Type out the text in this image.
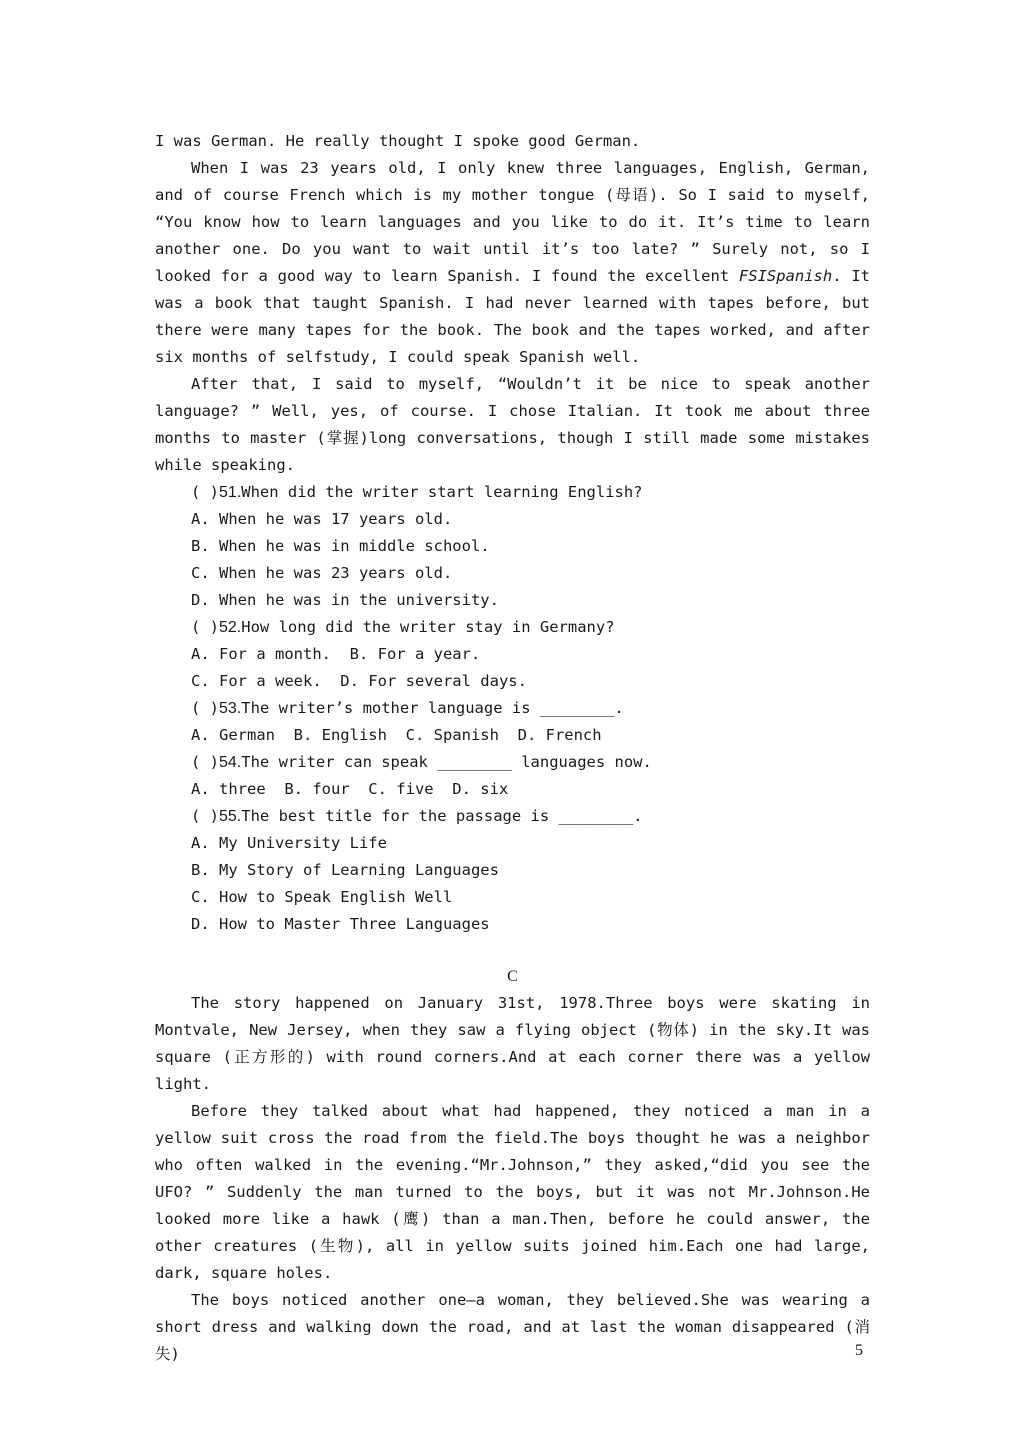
I was German. He really thought I spoke good German.

When I was 23 years old, I only knew three languages, English, German, and of course French which is my mother tongue (母语). So I said to myself, “You know how to learn languages and you like to do it. It’s time to learn another one. Do you want to wait until it’s too late? ” Surely not, so I looked for a good way to learn Spanish. I found the excellent FSISpanish. It was a book that taught Spanish. I had never learned with tapes before, but there were many tapes for the book. The book and the tapes worked, and after six months of selfstudy, I could speak Spanish well.

After that, I said to myself, “Wouldn’t it be nice to speak another language? ” Well, yes, of course. I chose Italian. It took me about three months to master (掌握)long conversations, though I still made some mistakes while speaking.

( )51.When did the writer start learning English?

A. When he was 17 years old.

B. When he was in middle school.

C. When he was 23 years old.

D. When he was in the university.

( )52.How long did the writer stay in Germany?

A. For a month.  B. For a year.

C. For a week.  D. For several days.

( )53.The writer’s mother language is ________.

A. German  B. English  C. Spanish  D. French

( )54.The writer can speak ________ languages now.

A. three  B. four  C. five  D. six

( )55.The best title for the passage is ________.

A. My University Life

B. My Story of Learning Languages

C. How to Speak English Well

D. How to Master Three Languages

C

The story happened on January 31st, 1978.Three boys were skating in Montvale, New Jersey, when they saw a flying object (物体) in the sky.It was square (正方形的) with round corners.And at each corner there was a yellow light.

Before they talked about what had happened, they noticed a man in a yellow suit cross the road from the field.The boys thought he was a neighbor who often walked in the evening.“Mr.Johnson,” they asked,“did you see the UFO? ” Suddenly the man turned to the boys, but it was not Mr.Johnson.He looked more like a hawk (鹰) than a man.Then, before he could answer, the other creatures (生物), all in yellow suits joined him.Each one had large, dark, square holes.

The boys noticed another one—a woman, they believed.She was wearing a short dress and walking down the road, and at last the woman disappeared (消失)	5
